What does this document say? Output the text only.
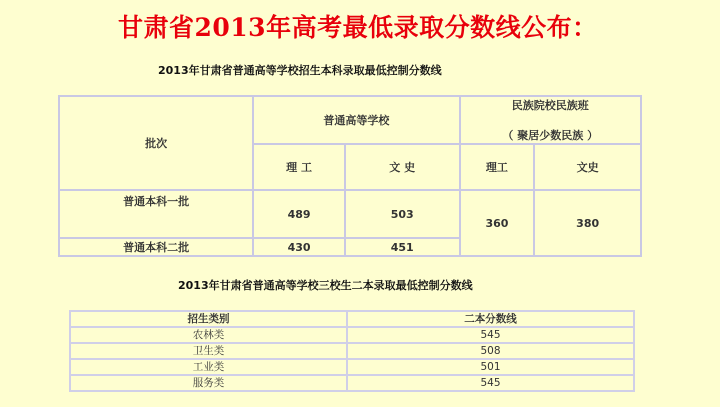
甘肃省2013年高考最低录取分数线公布：
2013年甘肃省普通高等学校招生本科录取最低控制分数线
批次	普通高等学校		民族院校民族班
（ 聚居少数民族 ）	

	理 工	文 史	理工	文史
普通本科一批	489	503	360	380
普通本科二批	430	451		
2013年甘肃省普通高等学校三校生二本录取最低控制分数线
招生类别	二本分数线
农林类	545
卫生类	508
工业类	501
服务类	545
